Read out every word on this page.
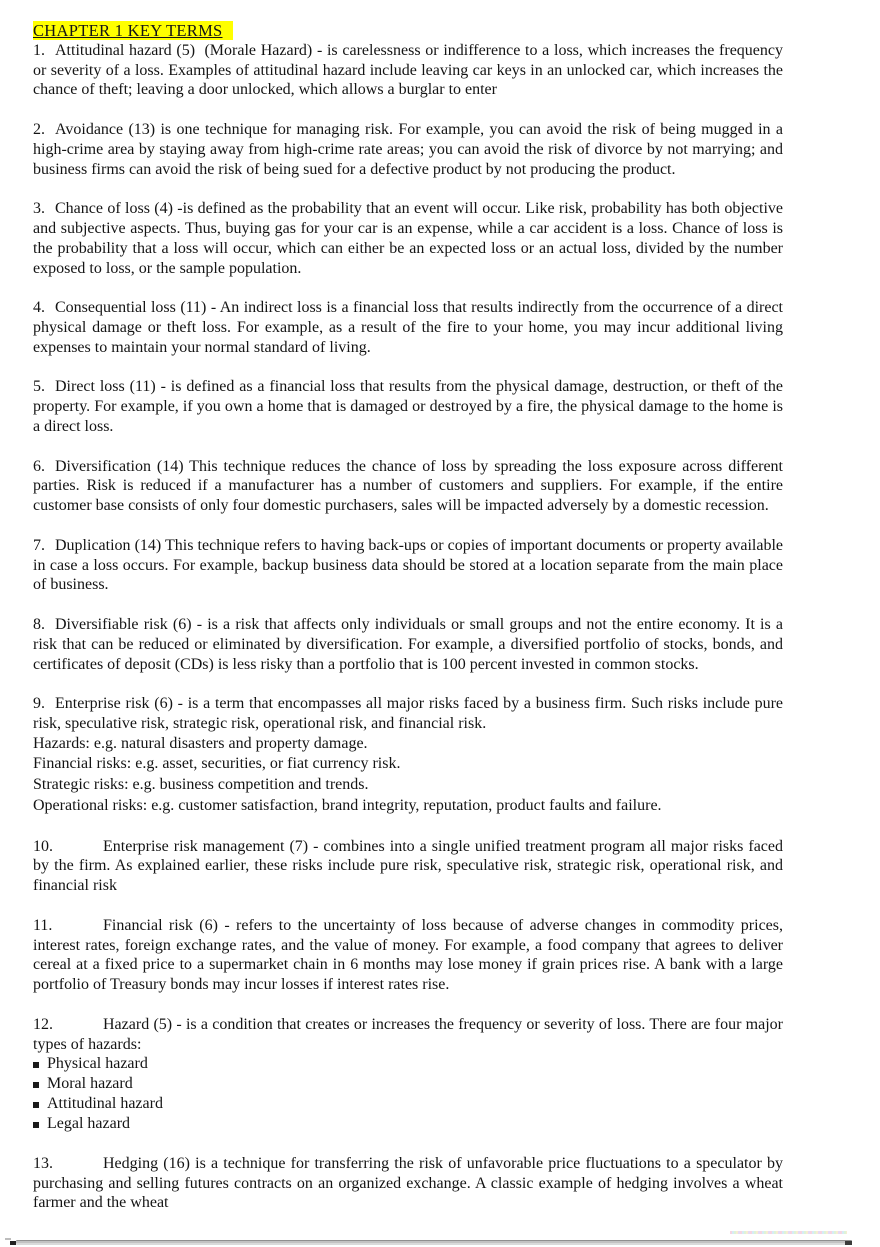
CHAPTER 1 KEY TERMS

1. Attitudinal hazard (5)  (Morale Hazard) - is carelessness or indifference to a loss, which increases the frequency or severity of a loss. Examples of attitudinal hazard include leaving car keys in an unlocked car, which increases the chance of theft; leaving a door unlocked, which allows a burglar to enter

2. Avoidance (13) is one technique for managing risk. For example, you can avoid the risk of being mugged in a high-crime area by staying away from high-crime rate areas; you can avoid the risk of divorce by not marrying; and business firms can avoid the risk of being sued for a defective product by not producing the product.

3. Chance of loss (4) -is defined as the probability that an event will occur. Like risk, probability has both objective and subjective aspects. Thus, buying gas for your car is an expense, while a car accident is a loss. Chance of loss is the probability that a loss will occur, which can either be an expected loss or an actual loss, divided by the number exposed to loss, or the sample population.

4. Consequential loss (11) - An indirect loss is a financial loss that results indirectly from the occurrence of a direct physical damage or theft loss. For example, as a result of the fire to your home, you may incur additional living expenses to maintain your normal standard of living.

5. Direct loss (11) - is defined as a financial loss that results from the physical damage, destruction, or theft of the property. For example, if you own a home that is damaged or destroyed by a fire, the physical damage to the home is a direct loss.

6. Diversification (14) This technique reduces the chance of loss by spreading the loss exposure across different parties. Risk is reduced if a manufacturer has a number of customers and suppliers. For example, if the entire customer base consists of only four domestic purchasers, sales will be impacted adversely by a domestic recession.

7. Duplication (14) This technique refers to having back-ups or copies of important documents or property available in case a loss occurs. For example, backup business data should be stored at a location separate from the main place of business.

8. Diversifiable risk (6) - is a risk that affects only individuals or small groups and not the entire economy. It is a risk that can be reduced or eliminated by diversification. For example, a diversified portfolio of stocks, bonds, and certificates of deposit (CDs) is less risky than a portfolio that is 100 percent invested in common stocks.

9. Enterprise risk (6) - is a term that encompasses all major risks faced by a business firm. Such risks include pure risk, speculative risk, strategic risk, operational risk, and financial risk.

Hazards: e.g. natural disasters and property damage.
Financial risks: e.g. asset, securities, or fiat currency risk.
Strategic risks: e.g. business competition and trends.
Operational risks: e.g. customer satisfaction, brand integrity, reputation, product faults and failure.

10.	Enterprise risk management (7) - combines into a single unified treatment program all major risks faced by the firm. As explained earlier, these risks include pure risk, speculative risk, strategic risk, operational risk, and financial risk

11.	Financial risk (6) - refers to the uncertainty of loss because of adverse changes in commodity prices, interest rates, foreign exchange rates, and the value of money. For example, a food company that agrees to deliver cereal at a fixed price to a supermarket chain in 6 months may lose money if grain prices rise. A bank with a large portfolio of Treasury bonds may incur losses if interest rates rise.

12.	Hazard (5) - is a condition that creates or increases the frequency or severity of loss. There are four major types of hazards:

Physical hazard
Moral hazard
Attitudinal hazard
Legal hazard

13.	Hedging (16) is a technique for transferring the risk of unfavorable price fluctuations to a speculator by purchasing and selling futures contracts on an organized exchange. A classic example of hedging involves a wheat farmer and the wheat
